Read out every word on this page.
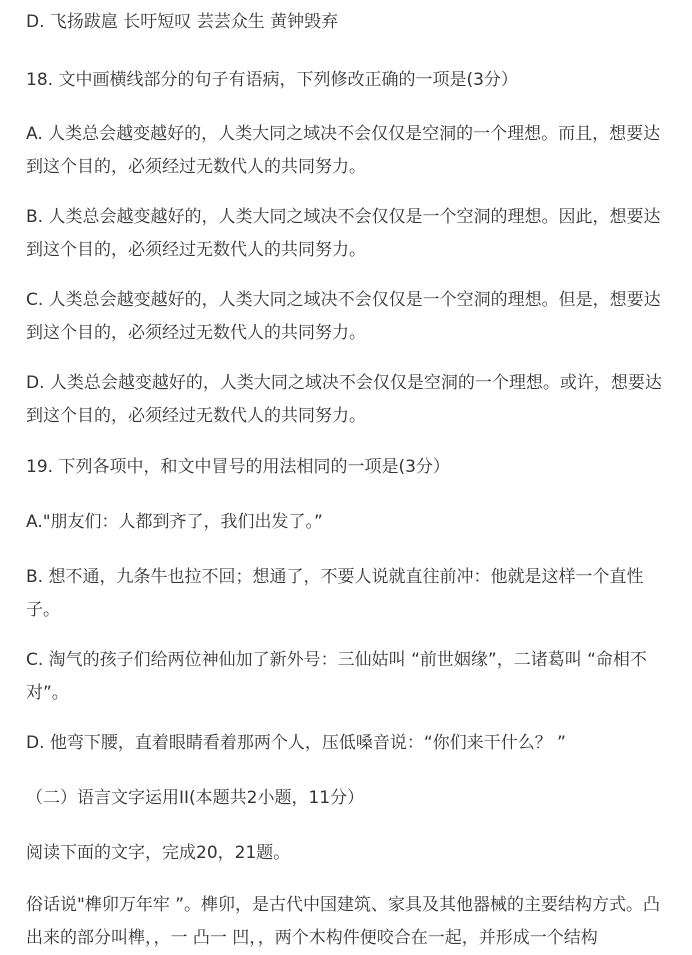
D. 飞扬跋扈 长吁短叹 芸芸众生 黄钟毁弃

18. 文中画横线部分的句子有语病，下列修改正确的一项是(3分）

A. 人类总会越变越好的，人类大同之域决不会仅仅是空洞的一个理想。而且，想要达到这个目的，必须经过无数代人的共同努力。

B. 人类总会越变越好的，人类大同之域决不会仅仅是一个空洞的理想。因此，想要达到这个目的，必须经过无数代人的共同努力。

C. 人类总会越变越好的，人类大同之域决不会仅仅是一个空洞的理想。但是，想要达到这个目的，必须经过无数代人的共同努力。

D. 人类总会越变越好的，人类大同之域决不会仅仅是空洞的一个理想。或许，想要达到这个目的，必须经过无数代人的共同努力。

19. 下列各项中，和文中冒号的用法相同的一项是(3分）

A."朋友们：人都到齐了，我们出发了。”

B. 想不通，九条牛也拉不回；想通了，不要人说就直往前冲：他就是这样一个直性子。

C. 淘气的孩子们给两位神仙加了新外号：三仙姑叫 “前世姻缘”，二诸葛叫 “命相不对”。

D. 他弯下腰，直着眼睛看着那两个人，压低嗓音说：“你们来干什么？ ”

（二）语言文字运用II(本题共2小题，11分）

阅读下面的文字，完成20，21题。

俗话说"榫卯万年牢 ”。榫卯，是古代中国建筑、家具及其他器械的主要结构方式。凸出来的部分叫榫，，一 凸一 凹，，两个木构件便咬合在一起，并形成一个结构
